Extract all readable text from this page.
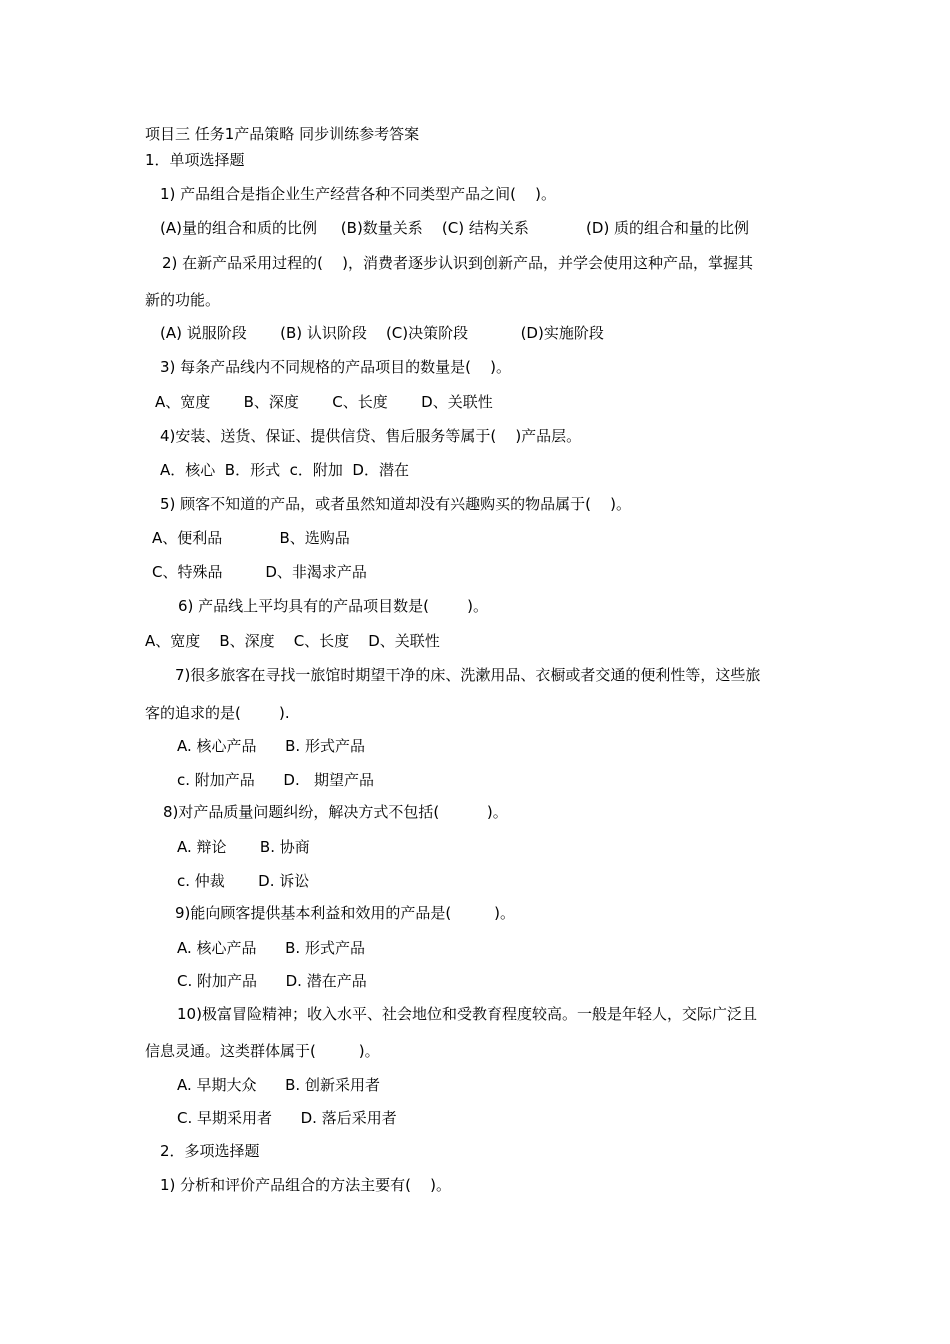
项目三 任务1产品策略 同步训练参考答案

1．单项选择题

1) 产品组合是指企业生产经营各种不同类型产品之间(    )。

(A)量的组合和质的比例     (B)数量关系    (C) 结构关系            (D) 质的组合和量的比例

2) 在新产品采用过程的(    )，消费者逐步认识到创新产品，并学会使用这种产品，掌握其

新的功能。

(A) 说服阶段       (B) 认识阶段    (C)决策阶段           (D)实施阶段

3) 每条产品线内不同规格的产品项目的数量是(    )。

A、宽度       B、深度       C、长度       D、关联性

4)安装、送货、保证、提供信贷、售后服务等属于(    )产品层。

A．核心  B．形式  c．附加  D．潜在

5) 顾客不知道的产品，或者虽然知道却没有兴趣购买的物品属于(    )。

A、便利品            B、选购品

C、特殊品         D、非渴求产品

6) 产品线上平均具有的产品项目数是(        )。

A、宽度    B、深度    C、长度    D、关联性

7)很多旅客在寻找一旅馆时期望干净的床、洗漱用品、衣橱或者交通的便利性等，这些旅

客的追求的是(        ).

A. 核心产品      B. 形式产品

c. 附加产品      D.   期望产品

8)对产品质量问题纠纷，解决方式不包括(          )。

A. 辩论       B. 协商

c. 仲裁       D. 诉讼

9)能向顾客提供基本利益和效用的产品是(         )。

A. 核心产品      B. 形式产品

C. 附加产品      D. 潜在产品

10)极富冒险精神；收入水平、社会地位和受教育程度较高。一般是年轻人，交际广泛且

信息灵通。这类群体属于(         )。

A. 早期大众      B. 创新采用者

C. 早期采用者      D. 落后采用者

2．多项选择题

1) 分析和评价产品组合的方法主要有(    )。
